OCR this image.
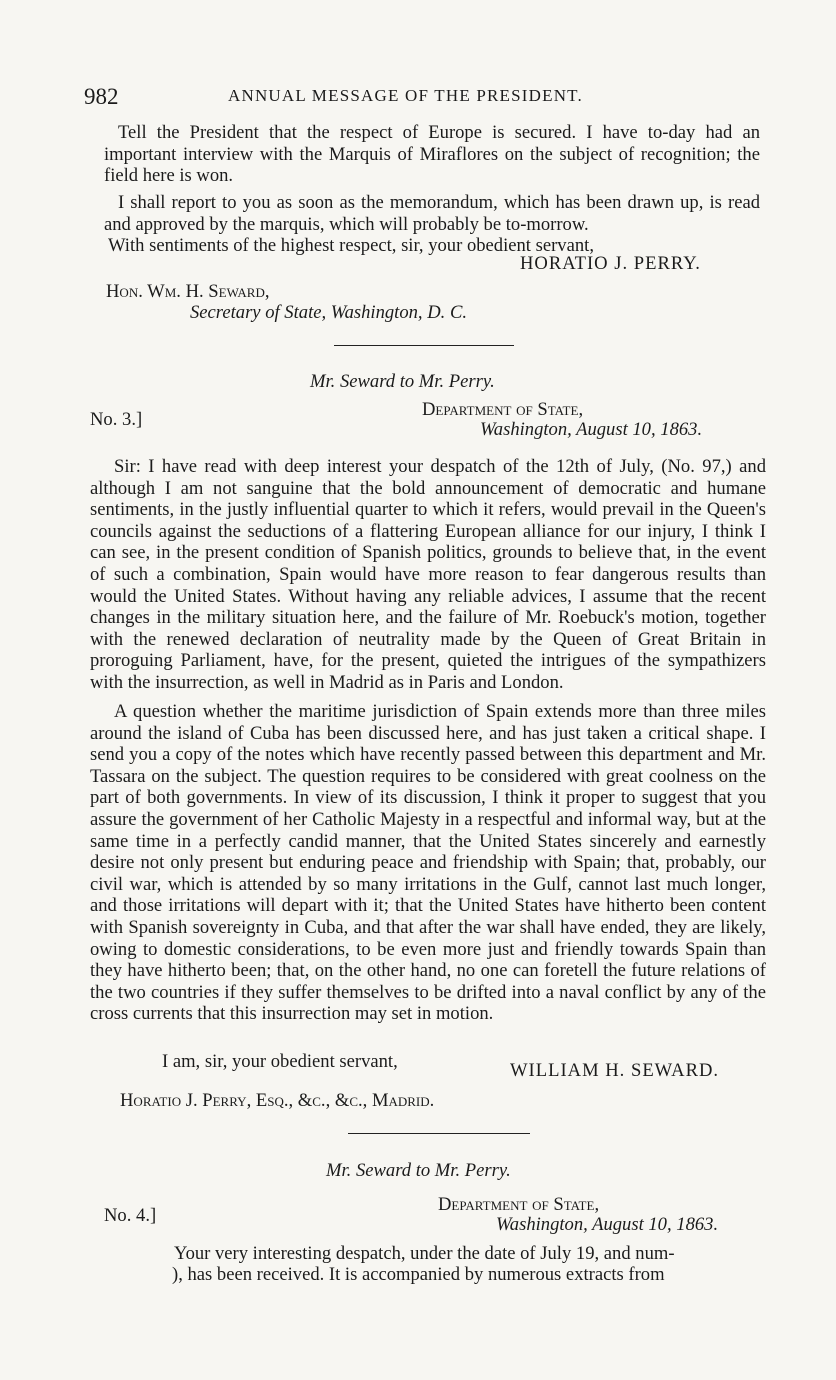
982	ANNUAL MESSAGE OF THE PRESIDENT.
Tell the President that the respect of Europe is secured. I have to-day had an important interview with the Marquis of Miraflores on the subject of recognition; the field here is won.
I shall report to you as soon as the memorandum, which has been drawn up, is read and approved by the marquis, which will probably be to-morrow.
With sentiments of the highest respect, sir, your obedient servant,
HORATIO J. PERRY.
Hon. Wm. H. Seward,
Secretary of State, Washington, D. C.
Mr. Seward to Mr. Perry.
No. 3.]	Department of State,
Washington, August 10, 1863.
Sir: I have read with deep interest your despatch of the 12th of July, (No. 97,) and although I am not sanguine that the bold announcement of democratic and humane sentiments, in the justly influential quarter to which it refers, would prevail in the Queen's councils against the seductions of a flattering European alliance for our injury, I think I can see, in the present condition of Spanish politics, grounds to believe that, in the event of such a combination, Spain would have more reason to fear dangerous results than would the United States. Without having any reliable advices, I assume that the recent changes in the military situation here, and the failure of Mr. Roebuck's motion, together with the renewed declaration of neutrality made by the Queen of Great Britain in proroguing Parliament, have, for the present, quieted the intrigues of the sympathizers with the insurrection, as well in Madrid as in Paris and London.
A question whether the maritime jurisdiction of Spain extends more than three miles around the island of Cuba has been discussed here, and has just taken a critical shape. I send you a copy of the notes which have recently passed between this department and Mr. Tassara on the subject. The question requires to be considered with great coolness on the part of both governments. In view of its discussion, I think it proper to suggest that you assure the government of her Catholic Majesty in a respectful and informal way, but at the same time in a perfectly candid manner, that the United States sincerely and earnestly desire not only present but enduring peace and friendship with Spain; that, probably, our civil war, which is attended by so many irritations in the Gulf, cannot last much longer, and those irritations will depart with it; that the United States have hitherto been content with Spanish sovereignty in Cuba, and that after the war shall have ended, they are likely, owing to domestic considerations, to be even more just and friendly towards Spain than they have hitherto been; that, on the other hand, no one can foretell the future relations of the two countries if they suffer themselves to be drifted into a naval conflict by any of the cross currents that this insurrection may set in motion.
I am, sir, your obedient servant,	WILLIAM H. SEWARD.
Horatio J. Perry, Esq., &c., &c., Madrid.
Mr. Seward to Mr. Perry.
No. 4.]
Department of State,
Washington, August 10, 1863.
Your very interesting despatch, under the date of July 19, and num-
), has been received. It is accompanied by numerous extracts from
